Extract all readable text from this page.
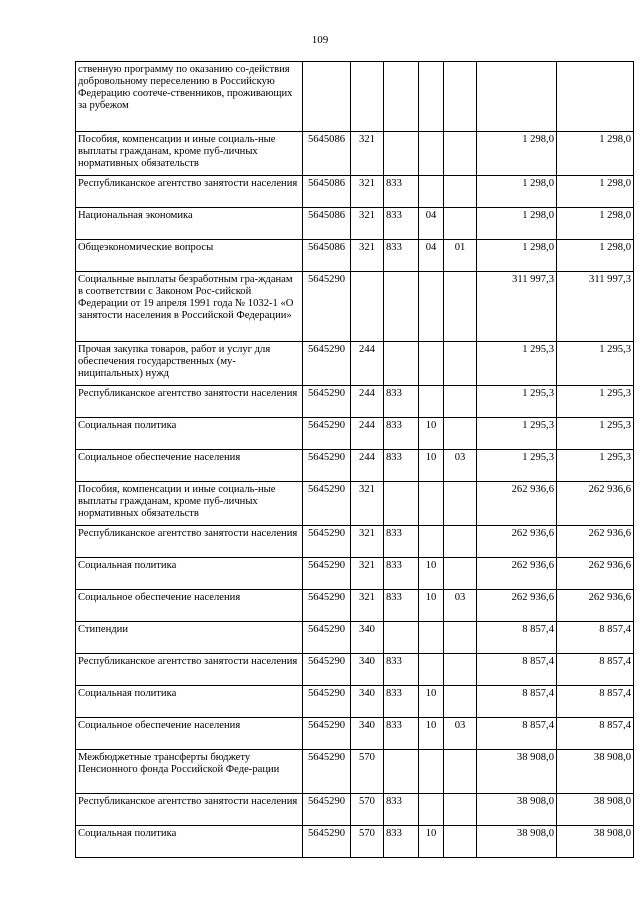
109
ственную программу по оказанию со-действия добровольному переселению в Российскую Федерацию соотече-ственников, проживающих за рубежом							
Пособия, компенсации и иные социаль-ные выплаты гражданам, кроме пуб-личных нормативных обязательств	5645086	321				1 298,0	1 298,0
Республиканское агентство занятости населения	5645086	321	833			1 298,0	1 298,0
Национальная экономика	5645086	321	833	04		1 298,0	1 298,0
Общеэкономические вопросы	5645086	321	833	04	01	1 298,0	1 298,0
Социальные выплаты безработным гра-жданам в соответствии с Законом Рос-сийской Федерации от 19 апреля 1991 года № 1032-1 «О занятости населения в Российской Федерации»	5645290					311 997,3	311 997,3
Прочая закупка товаров, работ и услуг для обеспечения государственных (му-ниципальных) нужд	5645290	244				1 295,3	1 295,3
Республиканское агентство занятости населения	5645290	244	833			1 295,3	1 295,3
Социальная политика	5645290	244	833	10		1 295,3	1 295,3
Социальное обеспечение населения	5645290	244	833	10	03	1 295,3	1 295,3
Пособия, компенсации и иные социаль-ные выплаты гражданам, кроме пуб-личных нормативных обязательств	5645290	321				262 936,6	262 936,6
Республиканское агентство занятости населения	5645290	321	833			262 936,6	262 936,6
Социальная политика	5645290	321	833	10		262 936,6	262 936,6
Социальное обеспечение населения	5645290	321	833	10	03	262 936,6	262 936,6
Стипендии	5645290	340				8 857,4	8 857,4
Республиканское агентство занятости населения	5645290	340	833			8 857,4	8 857,4
Социальная политика	5645290	340	833	10		8 857,4	8 857,4
Социальное обеспечение населения	5645290	340	833	10	03	8 857,4	8 857,4
Межбюджетные трансферты бюджету Пенсионного фонда Российской Феде-рации	5645290	570				38 908,0	38 908,0
Республиканское агентство занятости населения	5645290	570	833			38 908,0	38 908,0
Социальная политика	5645290	570	833	10		38 908,0	38 908,0
